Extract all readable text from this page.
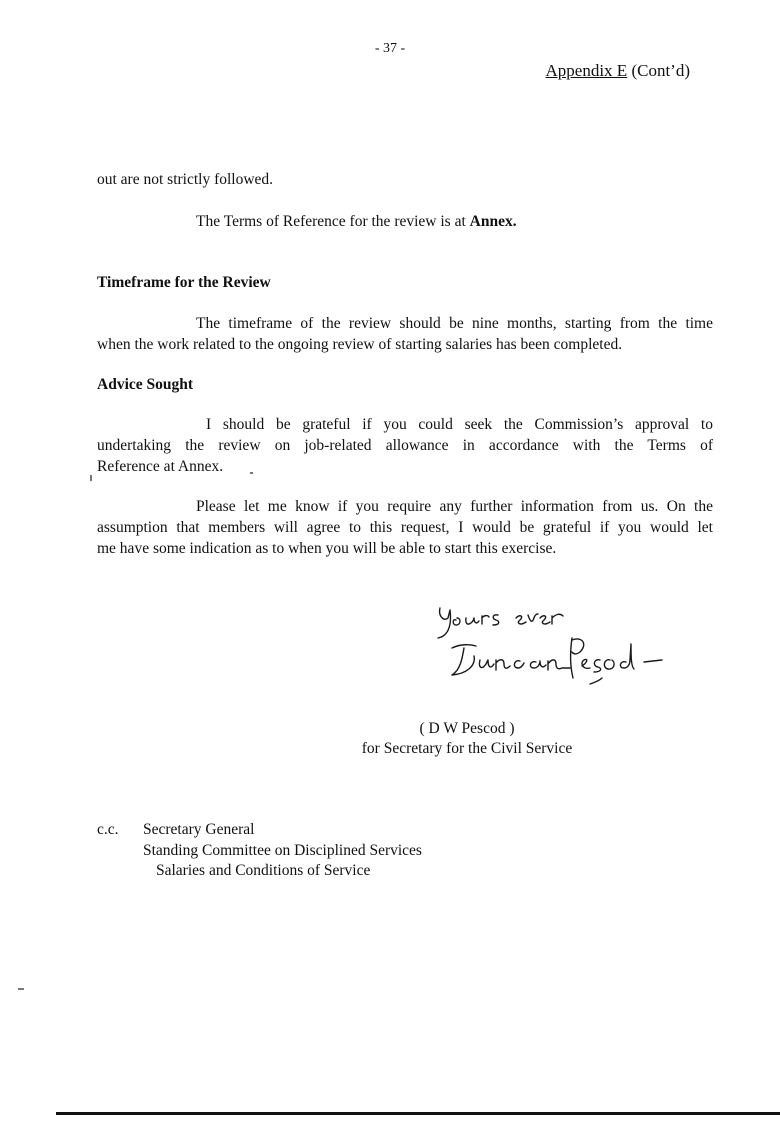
- 37 -
Appendix E (Cont’d)
out are not strictly followed.
The Terms of Reference for the review is at Annex.
Timeframe for the Review
The timeframe of the review should be nine months, starting from the time
when the work related to the ongoing review of starting salaries has been completed.
Advice Sought
I should be grateful if you could seek the Commission’s approval to
undertaking the review on job-related allowance in accordance with the Terms of
Reference at Annex.
Please let me know if you require any further information from us. On the
assumption that members will agree to this request, I would be grateful if you would let
me have some indication as to when you will be able to start this exercise.
( D W Pescod )
for Secretary for the Civil Service
c.c. Secretary General
Standing Committee on Disciplined Services
Salaries and Conditions of Service
